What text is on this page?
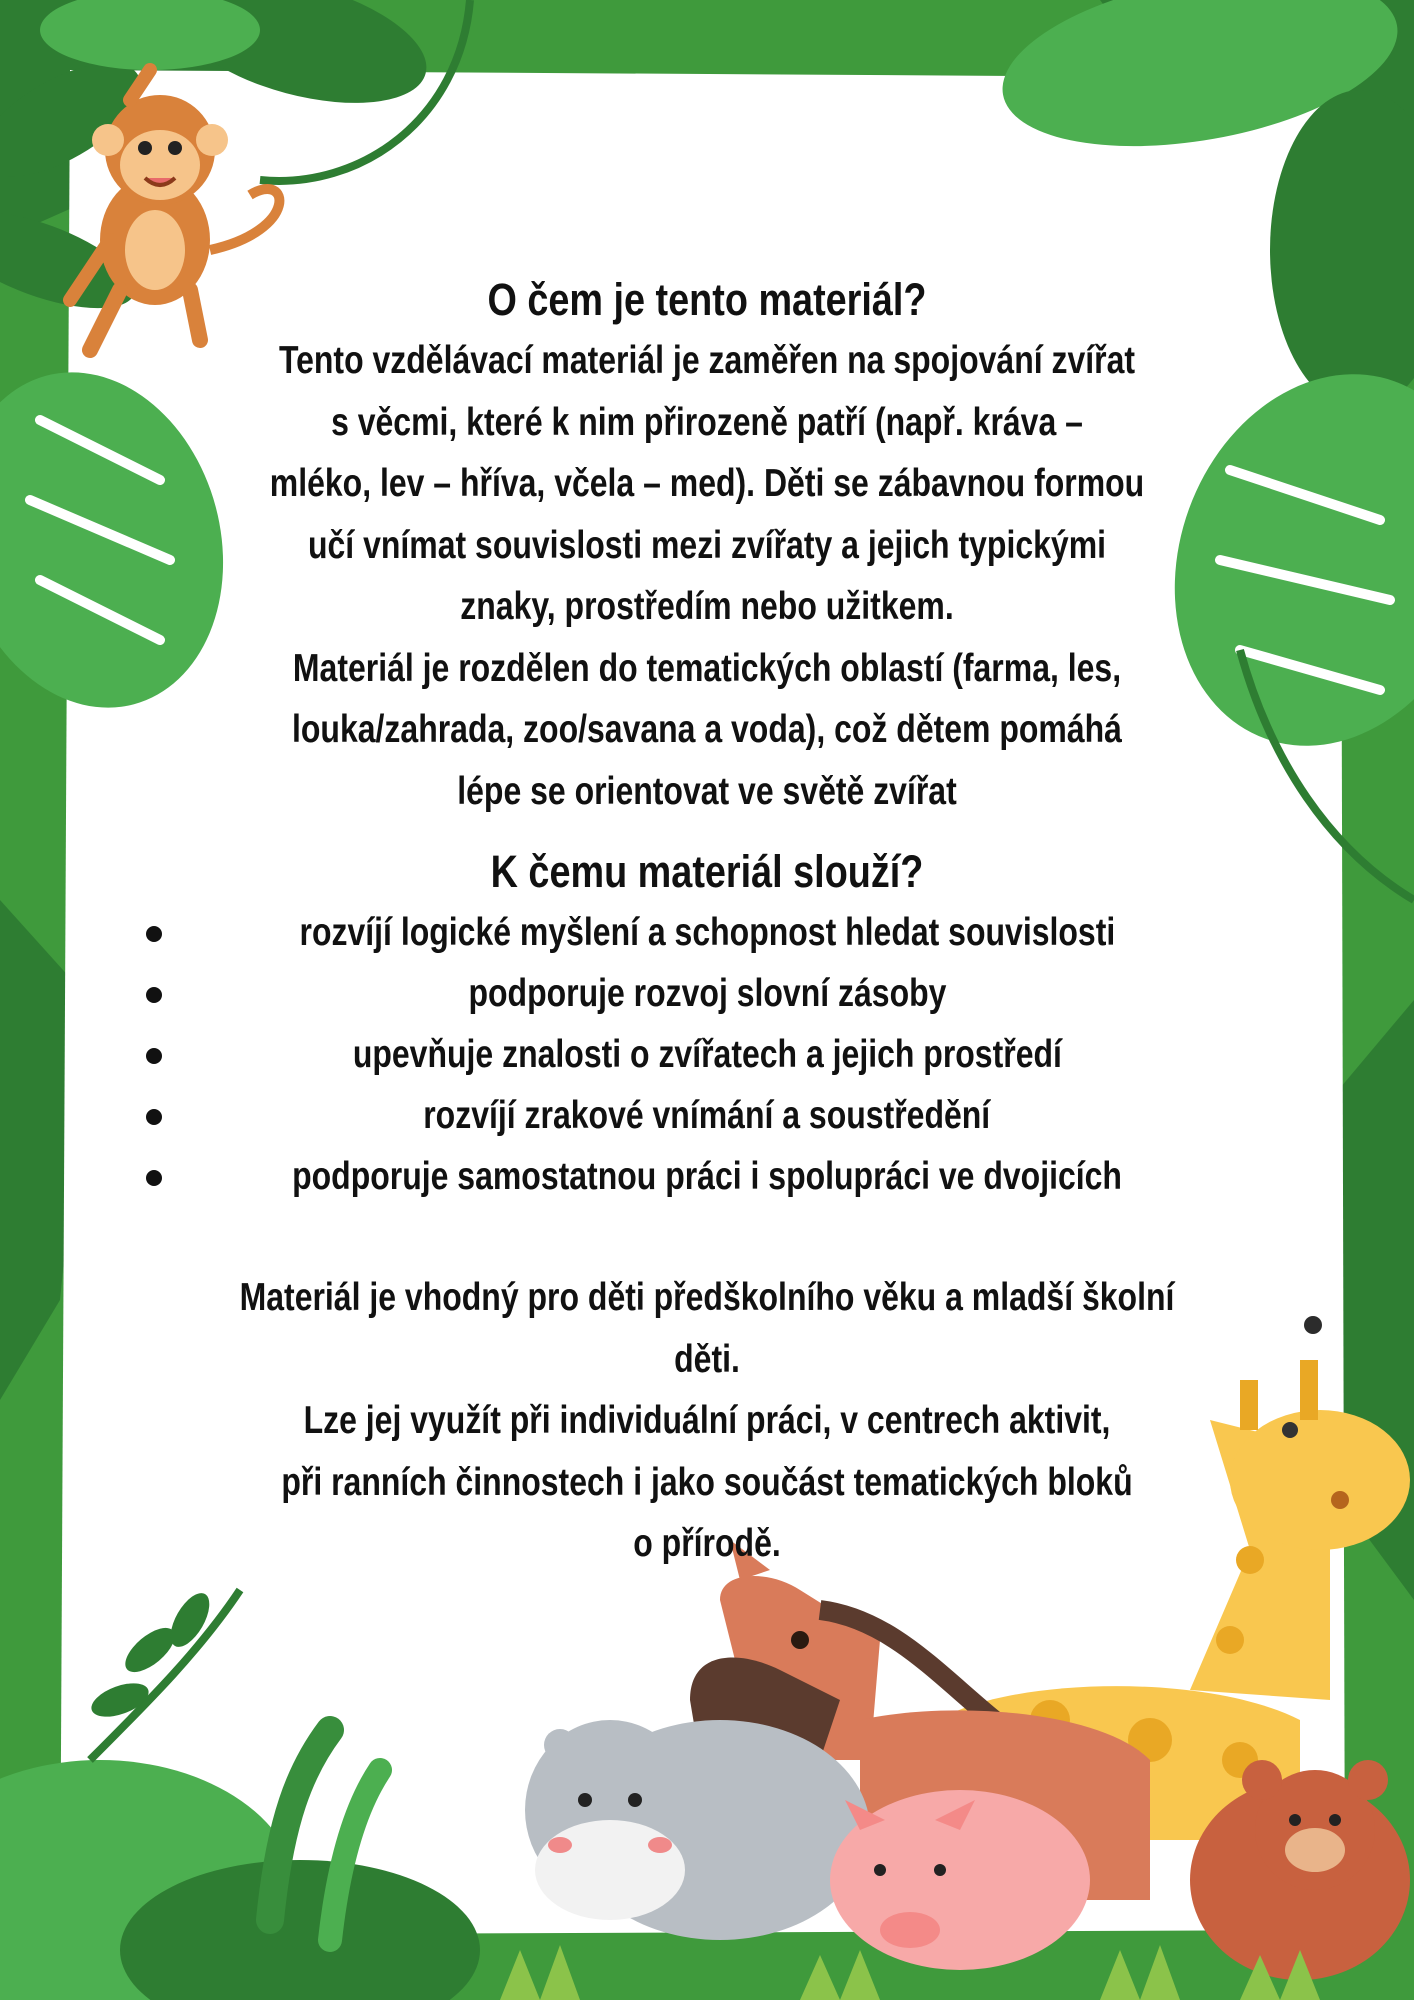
O čem je tento materiál?

Tento vzdělávací materiál je zaměřen na spojování zvířat
s věcmi, které k nim přirozeně patří (např. kráva –
mléko, lev – hříva, včela – med). Děti se zábavnou formou
učí vnímat souvislosti mezi zvířaty a jejich typickými
znaky, prostředím nebo užitkem.

Materiál je rozdělen do tematických oblastí (farma, les,
louka/zahrada, zoo/savana a voda), což dětem pomáhá
lépe se orientovat ve světě zvířat

K čemu materiál slouží?
rozvíjí logické myšlení a schopnost hledat souvislosti
podporuje rozvoj slovní zásoby
upevňuje znalosti o zvířatech a jejich prostředí
rozvíjí zrakové vnímání a soustředění
podporuje samostatnou práci i spolupráci ve dvojicích

Materiál je vhodný pro děti předškolního věku a mladší školní
děti.

Lze jej využít při individuální práci, v centrech aktivit,
při ranních činnostech i jako součást tematických bloků
o přírodě.
